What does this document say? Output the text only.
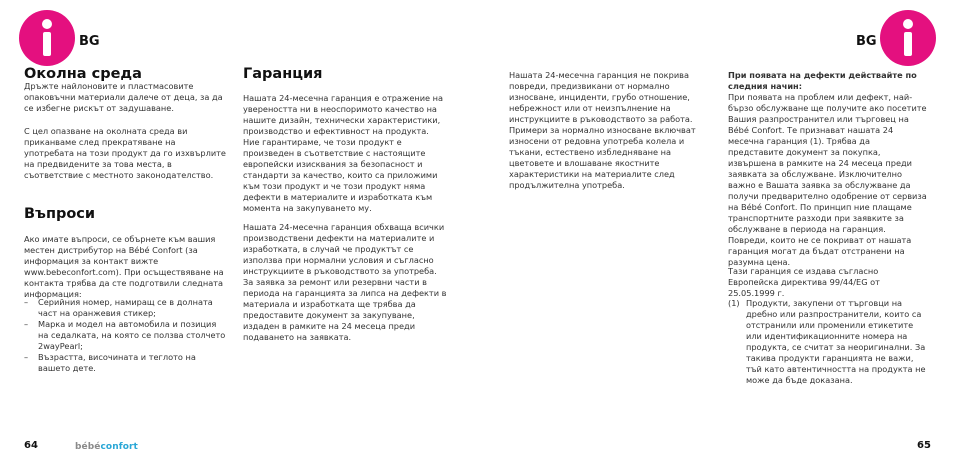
BG	BG
Околна среда

Дръжте найлоновите и пластмасовите опаковъчни материали далече от деца, за да се избегне рискът от задушаване.

С цел опазване на околната среда ви приканваме след прекратяване на употребата на този продукт да го изхвърлите на предвидените за това места, в съответствие с местното законодателство.

Въпроси

Ако имате въпроси, се обърнете към вашия местен дистрибутор на Bébé Confort (за информация за контакт вижте www.bebeconfort.com). При осъществяване на контакта трябва да сте подготвили следната информация:

– Серийния номер, намиращ се в долната част на оранжевия стикер;
– Марка и модел на автомобила и позиция на седалката, на която се ползва столчето 2wayPearl;
– Възрастта, височината и теглото на вашето дете.
Гаранция

Нашата 24-месечна гаранция е отражение на увереността ни в неоспоримото качество на нашите дизайн, технически характеристики, производство и ефективност на продукта. Ние гарантираме, че този продукт е произведен в съответствие с настоящите европейски изисквания за безопасност и стандарти за качество, които са приложими към този продукт и че този продукт няма дефекти в материалите и изработката към момента на закупуването му.

Нашата 24-месечна гаранция обхваща всички производствени дефекти на материалите и изработката, в случай че продуктът се използва при нормални условия и съгласно инструкциите в ръководството за употреба. За заявка за ремонт или резервни части в периода на гаранцията за липса на дефекти в материала и изработката ще трябва да предоставите документ за закупуване, издаден в рамките на 24 месеца преди подаването на заявката.

Нашата 24-месечна гаранция не покрива повреди, предизвикани от нормално износване, инциденти, грубо отношение, небрежност или от неизпълнение на инструкциите в ръководството за работа. Примери за нормално износване включват износени от редовна употреба колела и тъкани, естествено избледняване на цветовете и влошаване якостните характеристики на материалите след продължителна употреба.

При появата на дефекти действайте по следния начин:

При появата на проблем или дефект, най-бързо обслужване ще получите ако посетите Вашия разпространител или търговец на Bébé Confort. Те признават нашата 24 месечна гаранция (1). Трябва да представите документ за покупка, извършена в рамките на 24 месеца преди заявката за обслужване. Изключително важно е Вашата заявка за обслужване да получи предварително одобрение от сервиза на Bébé Confort. По принцип ние плащаме транспортните разходи при заявките за обслужване в периода на гаранция. Повреди, които не се покриват от нашата гаранция могат да бъдат отстранени на разумна цена.

Тази гаранция се издава съгласно Европейска директива 99/44/EG от 25.05.1999 г.

(1) Продукти, закупени от търговци на дребно или разпространители, които са отстранили или променили етикетите или идентификационните номера на продукта, се считат за неоригинални. За такива продукти гаранцията не важи, тъй като автентичността на продукта не може да бъде доказана.
64	bébéconfort	65
